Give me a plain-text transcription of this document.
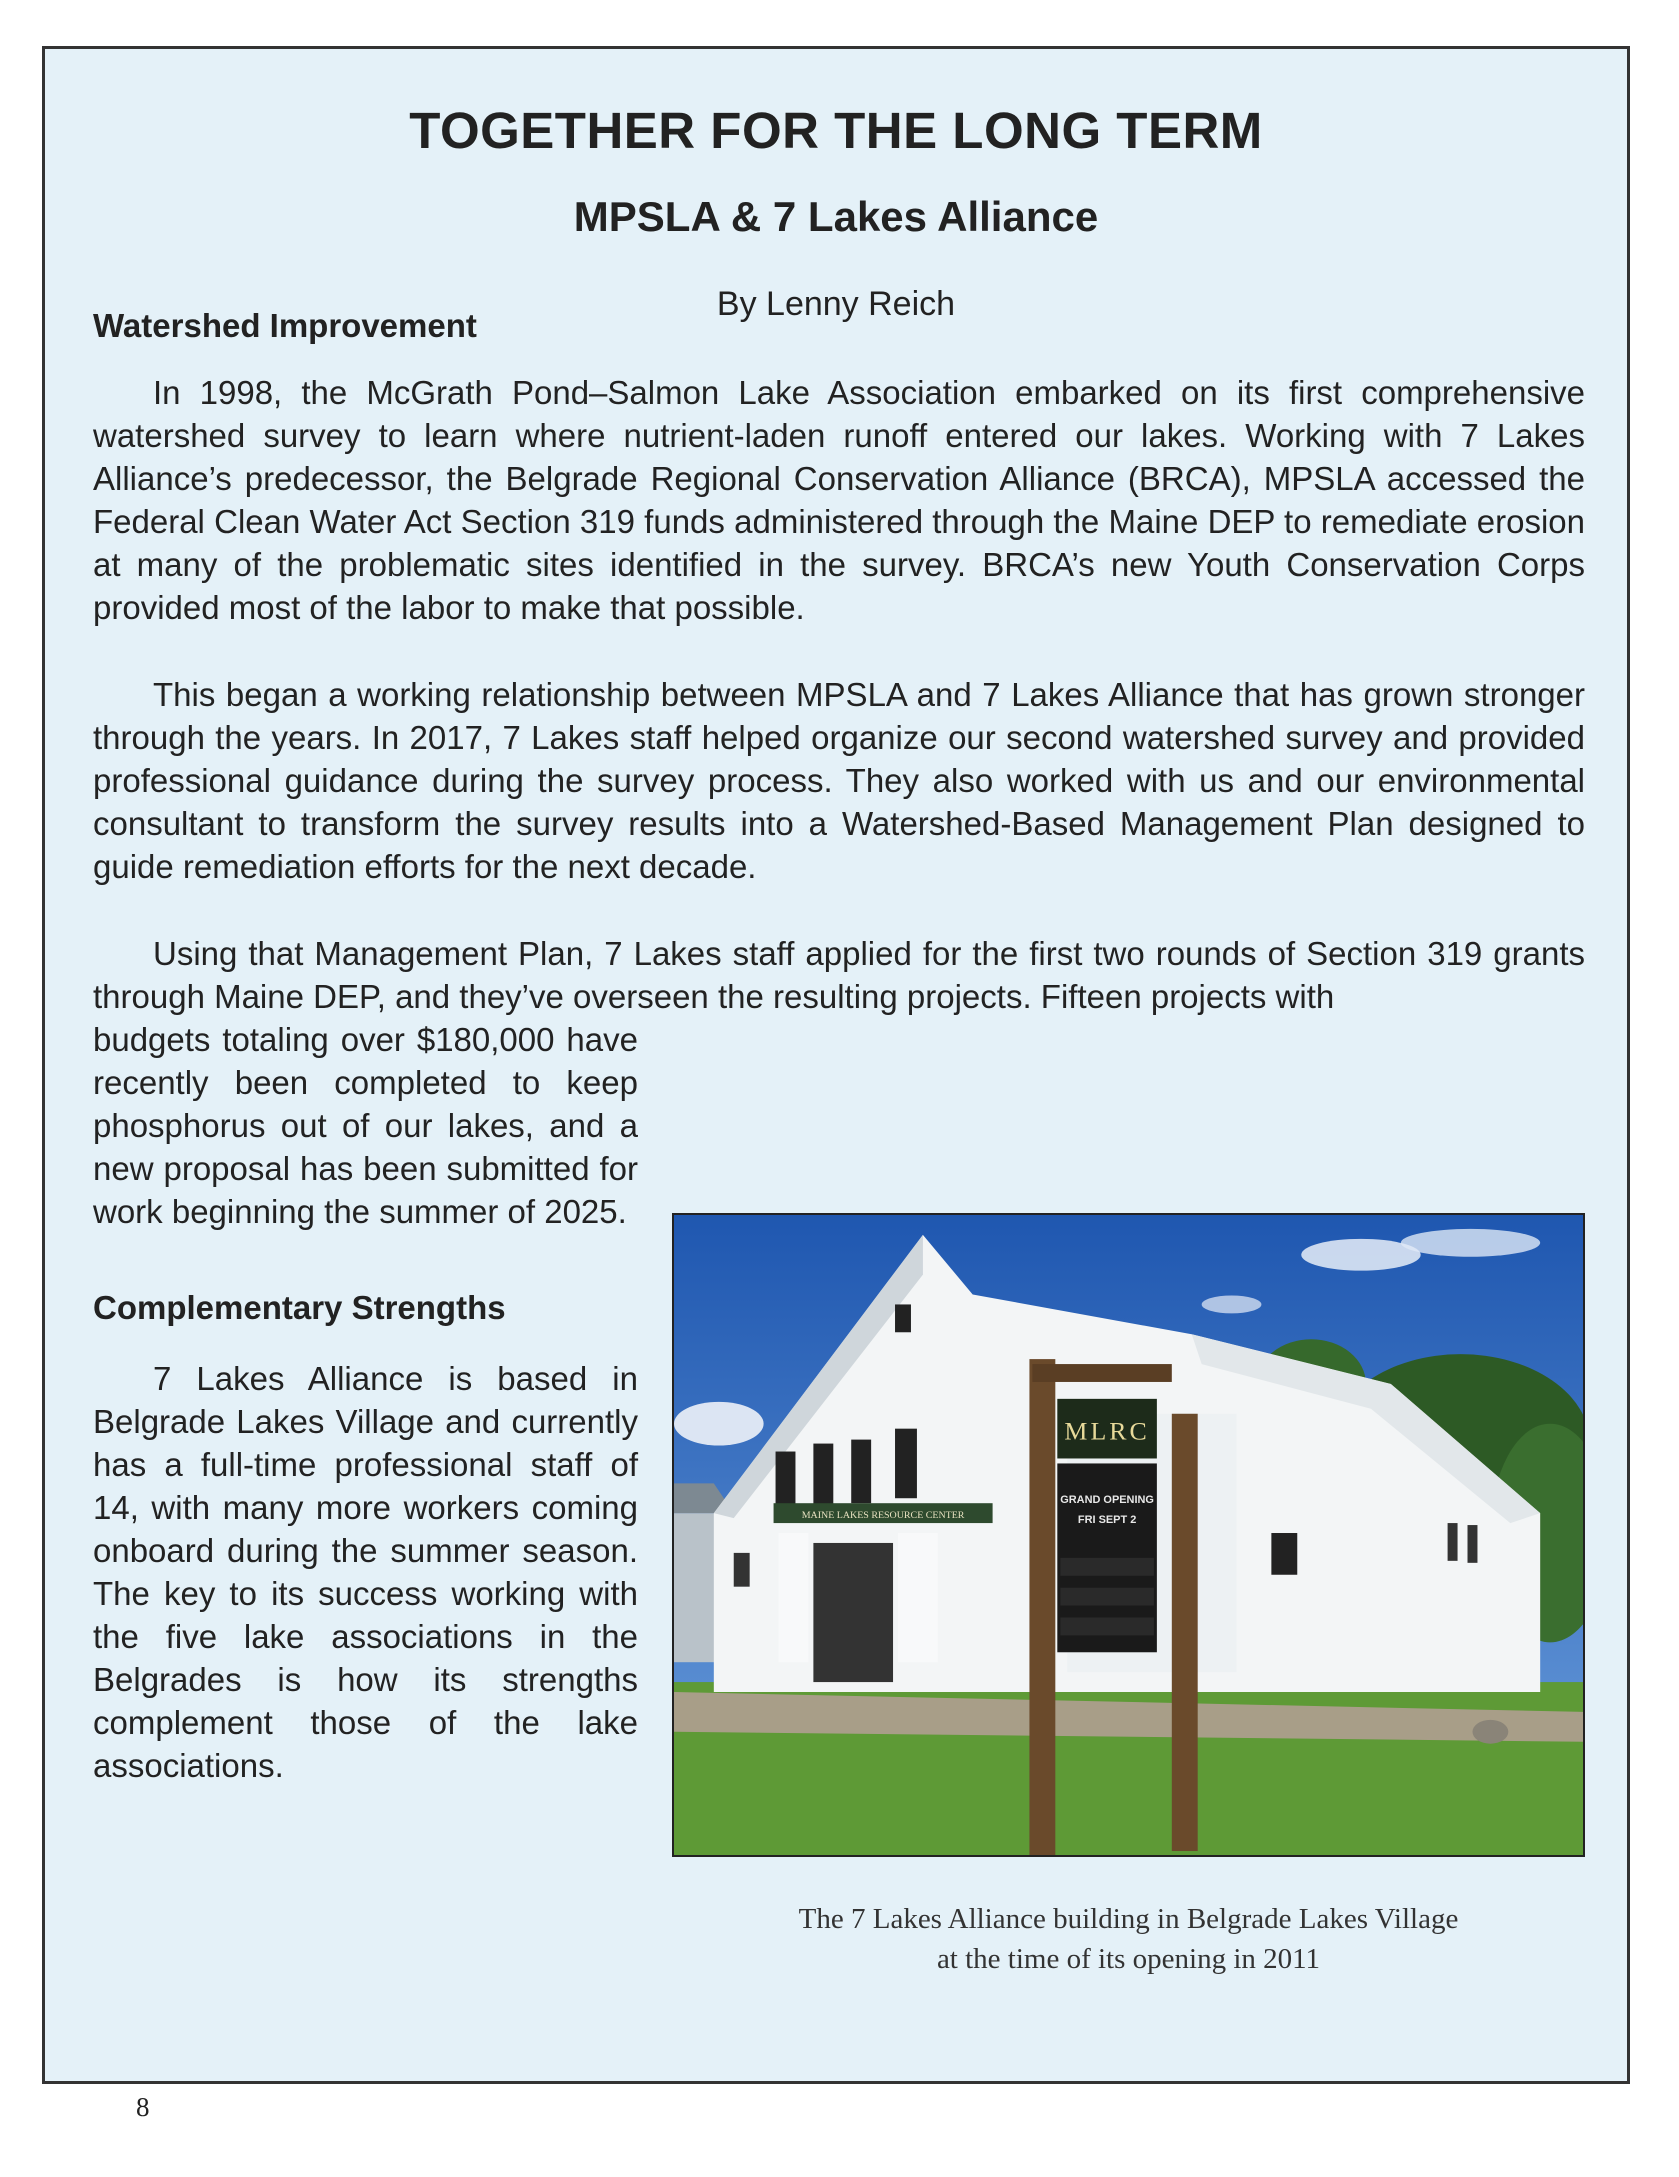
TOGETHER FOR THE LONG TERM
MPSLA & 7 Lakes Alliance

By Lenny Reich

Watershed Improvement

In 1998, the McGrath Pond–Salmon Lake Association embarked on its first comprehensive watershed survey to learn where nutrient-laden runoff entered our lakes. Working with 7 Lakes Alliance’s predecessor, the Belgrade Regional Conservation Alliance (BRCA), MPSLA accessed the Federal Clean Water Act Section 319 funds administered through the Maine DEP to remediate erosion at many of the problematic sites identified in the survey. BRCA’s new Youth Conservation Corps provided most of the labor to make that possible.

This began a working relationship between MPSLA and 7 Lakes Alliance that has grown stronger through the years. In 2017, 7 Lakes staff helped organize our second watershed survey and provided professional guidance during the survey process. They also worked with us and our environmental consultant to transform the survey results into a Watershed-Based Management Plan designed to guide remediation efforts for the next decade.

Using that Management Plan, 7 Lakes staff applied for the first two rounds of Section 319 grants through Maine DEP, and they’ve overseen the resulting projects. Fifteen projects with

budgets totaling over $180,000 have recently been completed to keep phosphorus out of our lakes, and a new proposal has been submitted for work beginning the summer of 2025.

Complementary Strengths

7 Lakes Alliance is based in Belgrade Lakes Village and currently has a full-time professional staff of 14, with many more workers coming onboard during the summer season. The key to its success working with the five lake associations in the Belgrades is how its strengths complement those of the lake associations.

MAINE LAKES RESOURCE CENTER
MLRC
GRAND OPENING
FRI SEPT 2
The 7 Lakes Alliance building in Belgrade Lakes Village
at the time of its opening in 2011
8
